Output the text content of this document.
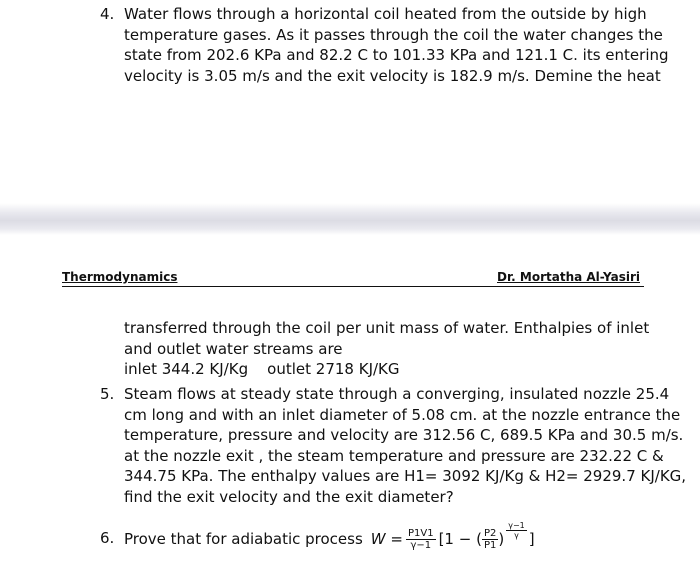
4. Water flows through a horizontal coil heated from the outside by high
temperature gases. As it passes through the coil the water changes the
state from 202.6 KPa and 82.2 C to 101.33 KPa and 121.1 C. its entering
velocity is 3.05 m/s and the exit velocity is 182.9 m/s. Demine the heat
Thermodynamics	Dr. Mortatha Al-Yasiri
transferred through the coil per unit mass of water. Enthalpies of inlet
and outlet water streams are
inlet 344.2 KJ/Kg    outlet 2718 KJ/KG
5. Steam flows at steady state through a converging, insulated nozzle 25.4
cm long and with an inlet diameter of 5.08 cm. at the nozzle entrance the
temperature, pressure and velocity are 312.56 C, 689.5 KPa and 30.5 m/s.
at the nozzle exit , the steam temperature and pressure are 232.22 C &
344.75 KPa. The enthalpy values are H1= 3092 KJ/Kg & H2= 2929.7 KJ/KG,
find the exit velocity and the exit diameter?
6. Prove that for adiabatic process $W = \frac{P1V1}{\gamma-1} [1$ − ( $\frac{P2}{P1}$ ) $\frac{\gamma-1}{\gamma}$ ]
